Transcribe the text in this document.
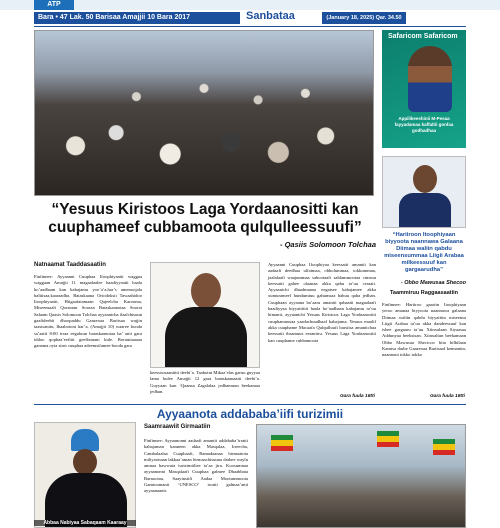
ATP
Bara • 47 Lak. 50 Barisaa Amajjii 10 Bara 2017	Sanbataa	(January 18, 2025) Qar. 34.50
Safaricom Safaricom
Appilikeeshinii M-Pesaa fayyadamaa kaffaltii gonfaa godhadhaa
“Yesuus Kiristoos Laga Yordaanositti kan cuuphameef cubbamoota qulqulleessuufi”
- Qasiis Solomoon Tolchaa
“Hariiroon Itoophiyaan biyyoota naannawa Galaana Diimaa waliin qabdu miseensummaa Liigii Arabaa milkeessuuf kan gargaarudha”
- Obbo Mawusaa Shecoo
Taammiruu Raggaasaatiin
Finfinnee: Hariiroo gaariin Itoophiyaan yeroo amanaa biyyoota naannawa galaana Diimaa waliin qabdu biyyattiin miseensa Liigii Arabaa ta’uu akka dandeessuuf kan ishee gargaaru ta’uu Xiinxalaan Siyaasaa Addunyaa beeksisan. Xiinxaltun beekamaan Obbo Mawusaa Shecicoo biia bilbilaan Kamisa darbe Gaazexaa Bariisaaf kennaniin, naannoni tokko tokko
Gara fuula 16tti
Natnaamat Taaddasaatiin
Finfinnee: Ayyaanni Cuuphaa Ifoophiyaatti waggaa waggaan Amajjii 11 magaalaalee baadiyyaatti haala ho’aadhaan kan kabajamu yoo’a’a,har’s amenoojala baltiisaa,kaaraadha. Bataskaana Ortodoksii Tawaahidoo Itoophiyaatti, Hiigaafatamaan Qajeelcha Karooma, Miseensaali Qoraraan Sooraa Bataskaanotaa Soorat Salaam Qaasis Solomoon Tolchaa ayyaanicha ilaalchisuun gaafideebii dhoopaddu Gaazexaa Bariisaa wajjin taasisaniin, Ibaabotoni har’a, (Amajjii 10) waaree booda sa’aatii 8:00 irraa eegaluun bataskaanotaa ba’ anii gara iddoo qophaa’eefitti geeffamani hule. Boruuttaaaaa ganama oyia sirni cuuphaa adeemsifamee booda gara
keessoosaaniitti deebi’a. Taabotni Mikaa’elas garuu guyyaa lama bulee Amajjii 12 gara bataskaanaatti deebi’a. Guyyaan kun ‘Qaanaa Zagalalaa jedhamuun beekamaa jedhan.
Ayyaanni Cuuphaa Ifoophiyaa keessatti amantii kan aadaafi deedhaa ulfatmaa, obbolummaa, tokkummaa, jaalalaafi waajummaa sabootaafi sablammootaa cimsuu keessatti gahee olaanaa akka qabu ta’uu ceraati. Ayyaanichi dhaalmaaaa eegatsee kabajamee akka xumurameef hundumtuu gahumsaa bahuu qaba jedhan. Cuuphaan ayyaana ba’aaru amantii qabaatii magaalaafi baadiyyaa biyyattiitti haala ho’aadhaan kabajamu ta’uu himanii, ayyaanichi Yesuus Kiristoos Laga Yordaanositti cuuphamuusaa yaadachuudhaaf kabajama. Yesuus maalif akka cuuphame Macaafa Qulqulluufi barsiisa amantichaa keessatti ibsamuus eeraniiru. Yesuus Laga Yordaanositti kan cuuphame cubbamoota
Gara fuula 16tti
Ayyaanota addababa’iifi turizimii
Abbaa Nabiyaa Sabaqaam Kaaraay
Saamraawiit Girmaatiin
Finfinnee: Ayyaanonni aadaafi amantii addababa’irratti kabajaman kanneen akka Masqalaa, Irreecha, Cambalaalaa Cuuphaafi, Ramadaanaa hirmaatota miliyoonaan lakkaa’aman hirmaachisuuna darbee waylu amnaa hawwata turizimiiliee ta’aa jiru. Koosumnaa ayyaanonni Masqalaafi Cuuphaa galmee Dhaabbata Barnootaa, Saayinsiifi Aadaa Mootummoota Gamtoomanii ‘UNESCO’ irratti galmaa’anii ayyaanaanis
